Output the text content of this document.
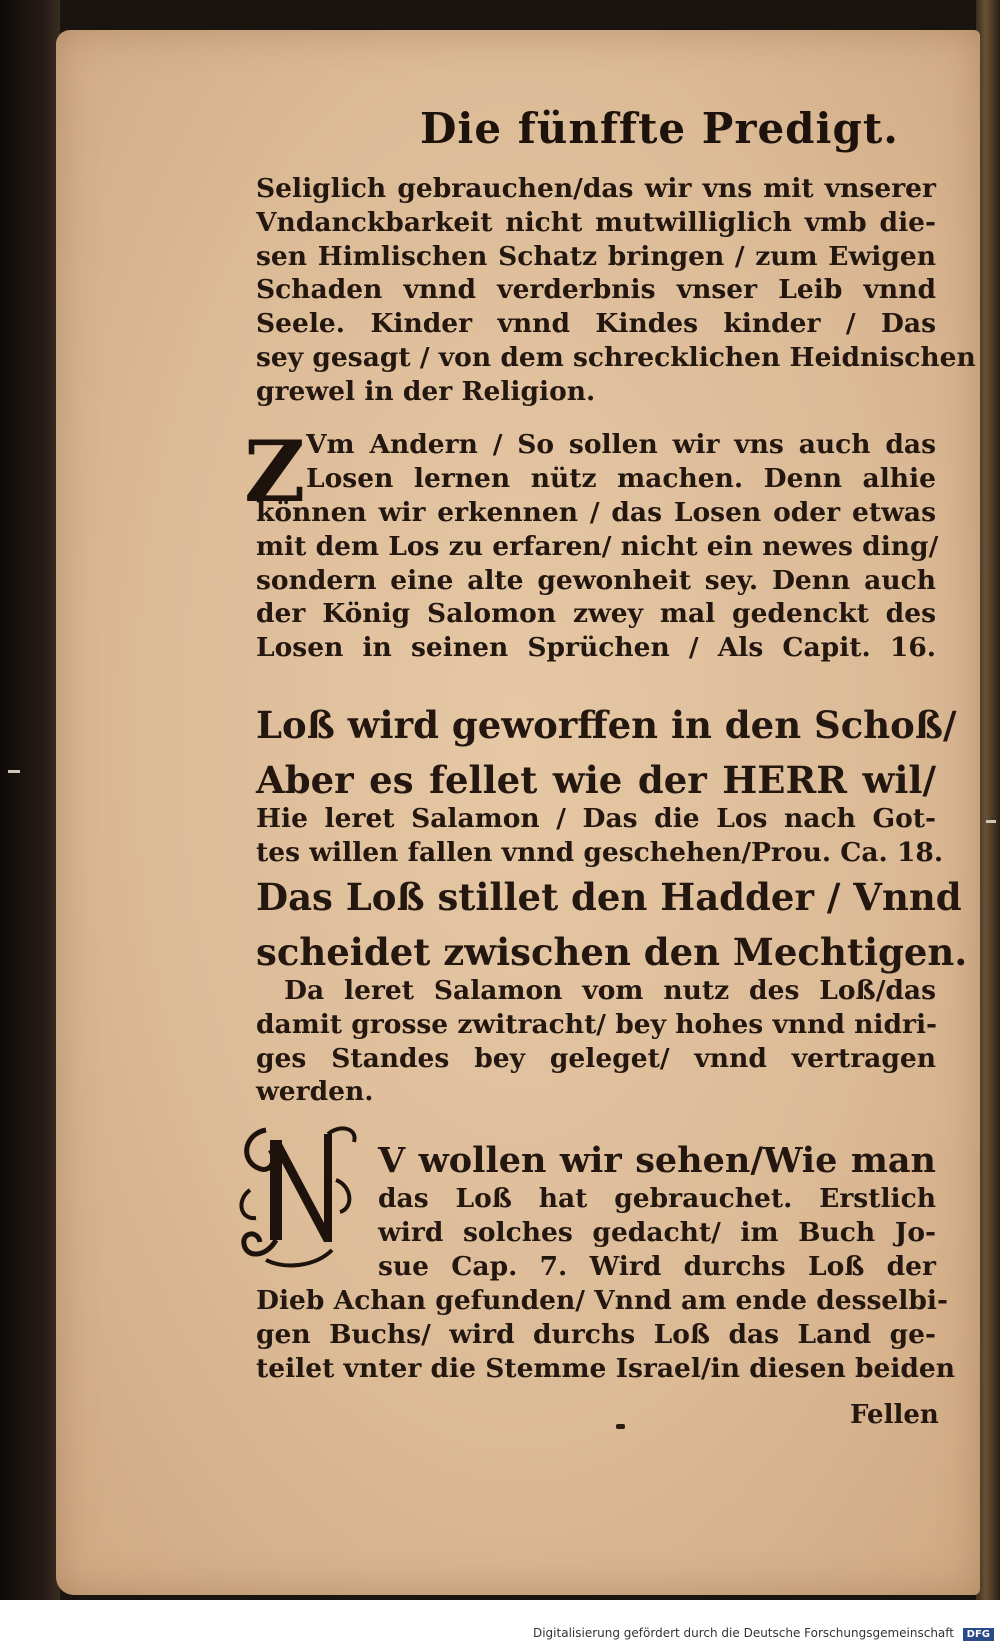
Die fünffte Predigt.
Seliglich gebrauchen/das wir vns mit vnserer
Vndanckbarkeit nicht mutwilliglich vmb die-
sen Himlischen Schatz bringen / zum Ewigen
Schaden vnnd verderbnis vnser Leib vnnd
Seele. Kinder vnnd Kindes kinder / Das
sey gesagt / von dem schrecklichen Heidnischen
grewel in der Religion.
Z Vm Andern / So sollen wir vns auch das
Losen lernen nütz machen. Denn alhie
können wir erkennen / das Losen oder etwas
mit dem Los zu erfaren/ nicht ein newes ding/
sondern eine alte gewonheit sey. Denn auch
der König Salomon zwey mal gedenckt des
Losen in seinen Sprüchen / Als Capit. 16.
Loß wird geworffen in den Schoß/
Aber es fellet wie der HERR wil/
Hie leret Salamon / Das die Los nach Got-
tes willen fallen vnnd geschehen/Prou. Ca. 18.
Das Loß stillet den Hadder / Vnnd
scheidet zwischen den Mechtigen.
Da leret Salamon vom nutz des Loß/das
damit grosse zwitracht/ bey hohes vnnd nidri-
ges Standes bey geleget/ vnnd vertragen
werden.
V wollen wir sehen/Wie man
das Loß hat gebrauchet. Erstlich
wird solches gedacht/ im Buch Jo-
sue Cap. 7. Wird durchs Loß der
Dieb Achan gefunden/ Vnnd am ende desselbi-
gen Buchs/ wird durchs Loß das Land ge-
teilet vnter die Stemme Israel/in diesen beiden
Fellen
Digitalisierung gefördert durch die Deutsche Forschungsgemeinschaft	DFG
